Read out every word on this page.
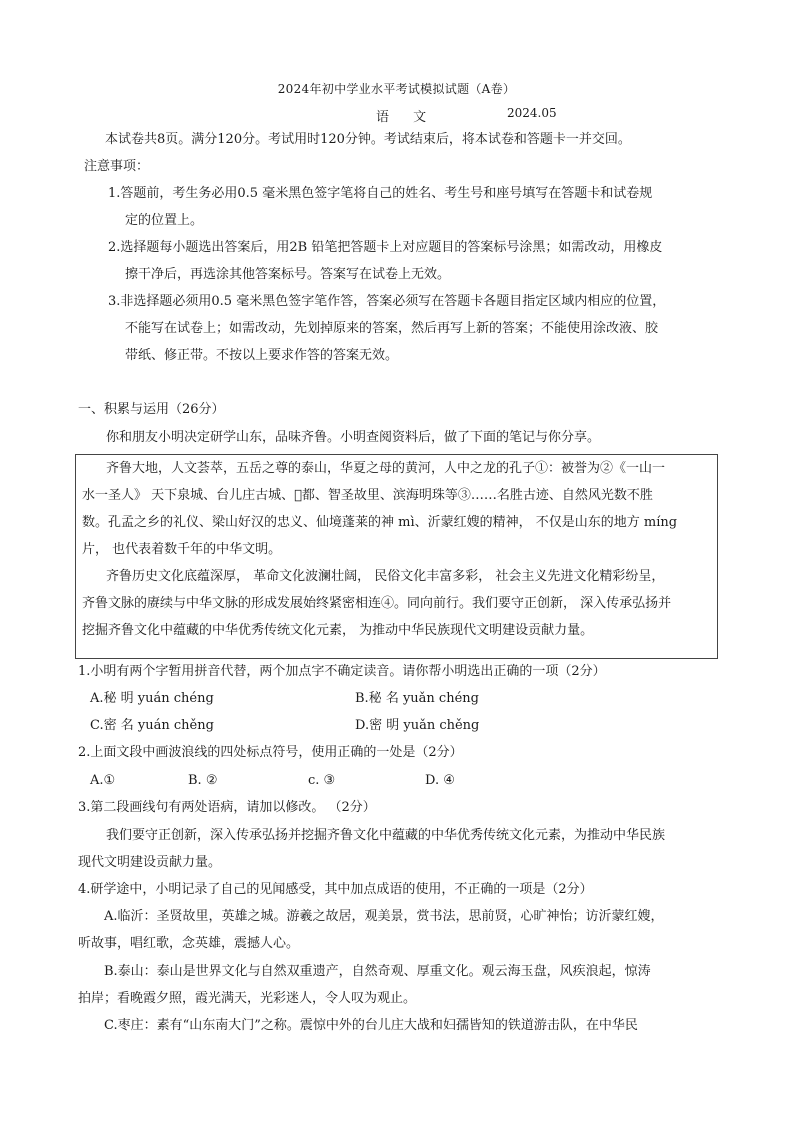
2024年初中学业水平考试模拟试题（A卷）
语 文	2024.05
本试卷共8页。满分120分。考试用时120分钟。考试结束后，将本试卷和答题卡一并交回。
注意事项：
1.答题前，考生务必用0.5 毫米黑色签字笔将自己的姓名、考生号和座号填写在答题卡和试卷规
定的位置上。
2.选择题每小题选出答案后，用2B 铅笔把答题卡上对应题目的答案标号涂黑；如需改动，用橡皮
擦干净后，再选涂其他答案标号。答案写在试卷上无效。
3.非选择题必须用0.5 毫米黑色签字笔作答，答案必须写在答题卡各题目指定区域内相应的位置，
不能写在试卷上；如需改动，先划掉原来的答案，然后再写上新的答案；不能使用涂改液、胶
带纸、修正带。不按以上要求作答的答案无效。
一、积累与运用（26分）
你和朋友小明决定研学山东，品味齐鲁。小明查阅资料后，做了下面的笔记与你分享。
齐鲁大地，人文荟萃，五岳之尊的泰山，华夏之母的黄河，人中之龙的孔子①：被誉为②《一山一
水一圣人》 天下泉城、台儿庄古城、𡌾都、智圣故里、滨海明珠等③……名胜古迹、自然风光数不胜
数。孔孟之乡的礼仪、梁山好汉的忠义、仙境蓬莱的神 mì、沂蒙红嫂的精神， 不仅是山东的地方 míng
片， 也代表着数千年的中华文明。
齐鲁历史文化底蕴深厚， 革命文化波澜壮阔， 民俗文化丰富多彩， 社会主义先进文化精彩纷呈，
齐鲁文脉的赓续与中华文脉的形成发展始终紧密相连④。同向前行。我们要守正创新， 深入传承弘扬并
挖掘齐鲁文化中蕴藏的中华优秀传统文化元素， 为推动中华民族现代文明建设贡献力量。
1.小明有两个字暂用拼音代替，两个加点字不确定读音。请你帮小明选出正确的一项（2分）
A.秘 明 yuán chéng	B.秘 名 yuǎn chéng
C.密 名 yuán chěng	D.密 明 yuǎn chěng
2.上面文段中画波浪线的四处标点符号，使用正确的一处是（2分）
A.①	B. ②	c. ③	D. ④
3.第二段画线句有两处语病，请加以修改。 （2分）
我们要守正创新，深入传承弘扬并挖掘齐鲁文化中蕴藏的中华优秀传统文化元素，为推动中华民族
现代文明建设贡献力量。
4.研学途中，小明记录了自己的见闻感受，其中加点成语的使用，不正确的一项是（2分）
A.临沂：圣贤故里，英雄之城。游羲之故居，观美景，赏书法，思前贤，心旷神怡；访沂蒙红嫂，
听故事，唱红歌，念英雄，震撼人心。
B.泰山：泰山是世界文化与自然双重遗产，自然奇观、厚重文化。观云海玉盘，风疾浪起，惊涛
拍岸；看晚霞夕照，霞光满天，光彩迷人，令人叹为观止。
C.枣庄：素有“山东南大门”之称。震惊中外的台儿庄大战和妇孺皆知的铁道游击队，在中华民
